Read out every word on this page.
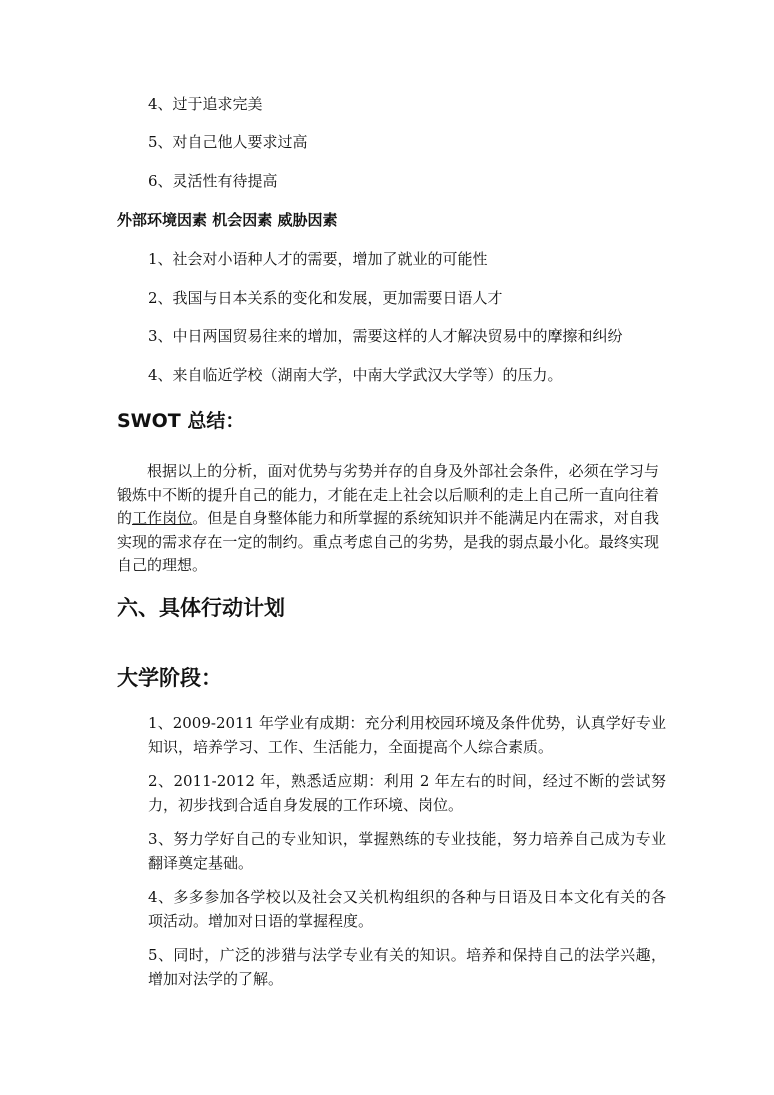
4、过于追求完美

5、对自己他人要求过高

6、灵活性有待提高

外部环境因素 机会因素 威胁因素

1、社会对小语种人才的需要，增加了就业的可能性

2、我国与日本关系的变化和发展，更加需要日语人才

3、中日两国贸易往来的增加，需要这样的人才解决贸易中的摩擦和纠纷

4、来自临近学校（湖南大学，中南大学武汉大学等）的压力。

SWOT 总结：

根据以上的分析，面对优势与劣势并存的自身及外部社会条件，必须在学习与锻炼中不断的提升自己的能力，才能在走上社会以后顺利的走上自己所一直向往着的工作岗位。但是自身整体能力和所掌握的系统知识并不能满足内在需求，对自我实现的需求存在一定的制约。重点考虑自己的劣势，是我的弱点最小化。最终实现自己的理想。

六、具体行动计划
大学阶段：

1、2009-2011 年学业有成期：充分利用校园环境及条件优势，认真学好专业知识，培养学习、工作、生活能力，全面提高个人综合素质。

2、2011-2012 年，熟悉适应期：利用 2 年左右的时间，经过不断的尝试努力，初步找到合适自身发展的工作环境、岗位。

3、努力学好自己的专业知识，掌握熟练的专业技能，努力培养自己成为专业翻译奠定基础。

4、多多参加各学校以及社会又关机构组织的各种与日语及日本文化有关的各项活动。增加对日语的掌握程度。

5、同时，广泛的涉猎与法学专业有关的知识。培养和保持自己的法学兴趣，增加对法学的了解。
